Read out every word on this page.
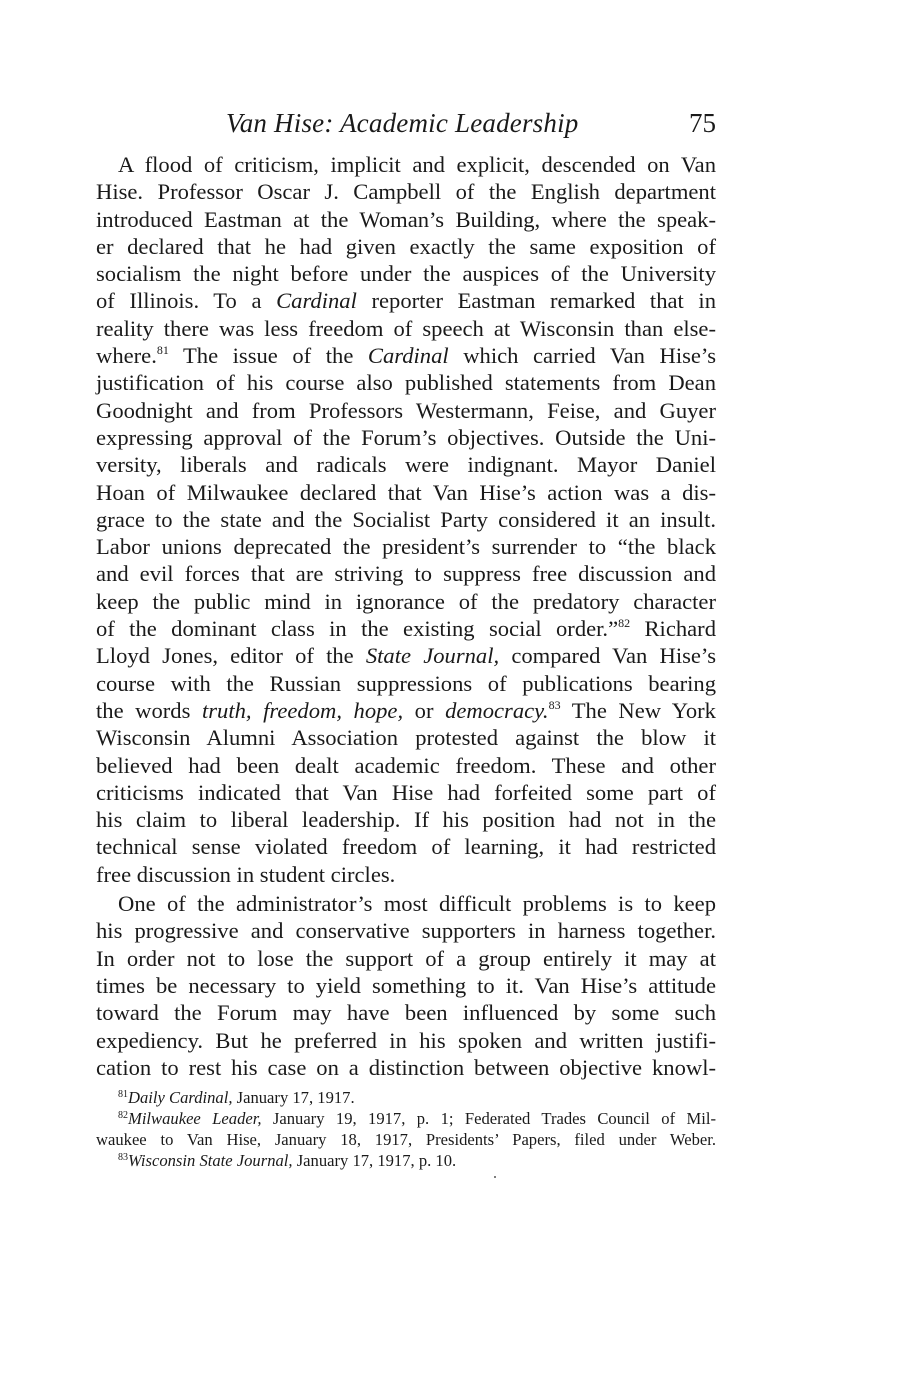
Van Hise: Academic Leadership	75
A flood of criticism, implicit and explicit, descended on Van
Hise. Professor Oscar J. Campbell of the English department
introduced Eastman at the Woman’s Building, where the speak-
er declared that he had given exactly the same exposition of
socialism the night before under the auspices of the University
of Illinois. To a Cardinal reporter Eastman remarked that in
reality there was less freedom of speech at Wisconsin than else-
where.$^{81}$ The issue of the Cardinal which carried Van Hise’s
justification of his course also published statements from Dean
Goodnight and from Professors Westermann, Feise, and Guyer
expressing approval of the Forum’s objectives. Outside the Uni-
versity, liberals and radicals were indignant. Mayor Daniel
Hoan of Milwaukee declared that Van Hise’s action was a dis-
grace to the state and the Socialist Party considered it an insult.
Labor unions deprecated the president’s surrender to “the black
and evil forces that are striving to suppress free discussion and
keep the public mind in ignorance of the predatory character
of the dominant class in the existing social order.”$^{82}$ Richard
Lloyd Jones, editor of the State Journal, compared Van Hise’s
course with the Russian suppressions of publications bearing
the words truth, freedom, hope, or democracy.$^{83}$ The New York
Wisconsin Alumni Association protested against the blow it
believed had been dealt academic freedom. These and other
criticisms indicated that Van Hise had forfeited some part of
his claim to liberal leadership. If his position had not in the
technical sense violated freedom of learning, it had restricted
free discussion in student circles.
One of the administrator’s most difficult problems is to keep
his progressive and conservative supporters in harness together.
In order not to lose the support of a group entirely it may at
times be necessary to yield something to it. Van Hise’s attitude
toward the Forum may have been influenced by some such
expediency. But he preferred in his spoken and written justifi-
cation to rest his case on a distinction between objective knowl-
$^{81}$Daily Cardinal, January 17, 1917.
$^{82}$Milwaukee Leader, January 19, 1917, p. 1; Federated Trades Council of Mil-
waukee to Van Hise, January 18, 1917, Presidents’ Papers, filed under Weber.
$^{83}$Wisconsin State Journal, January 17, 1917, p. 10.
